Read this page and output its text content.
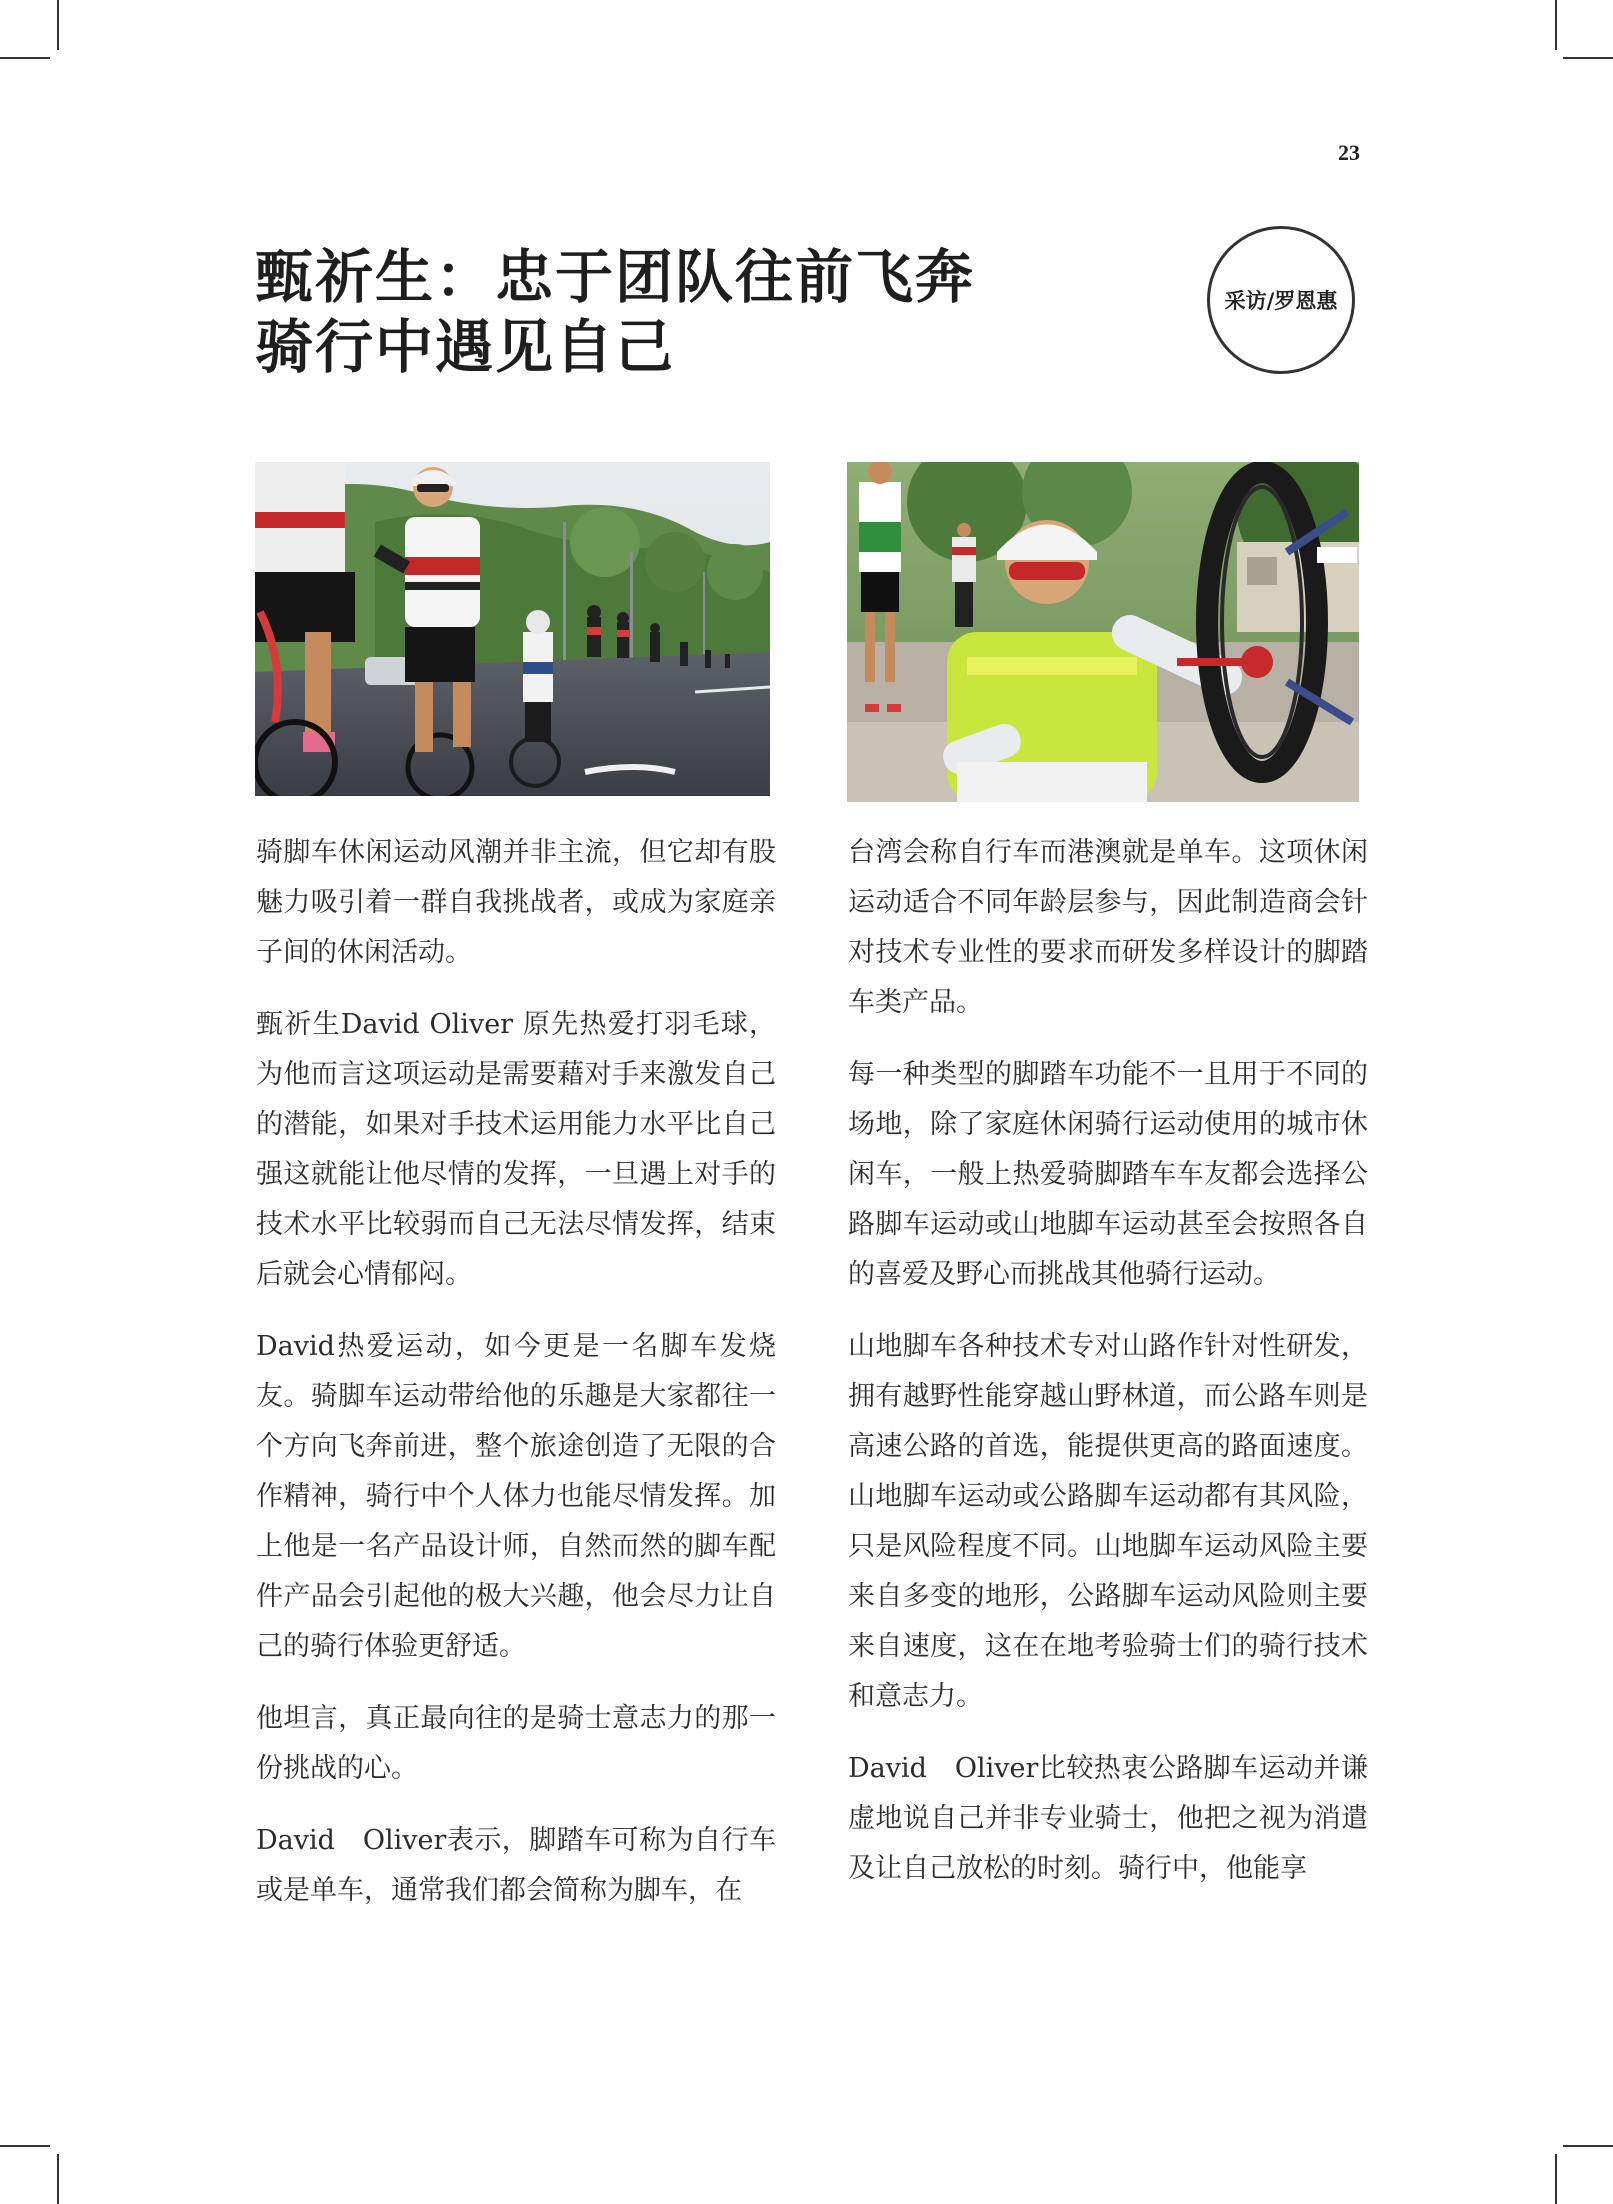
23
甄祈生：忠于团队往前飞奔
骑行中遇见自己
采访/罗恩惠

骑脚车休闲运动风潮并非主流，但它却有股魅力吸引着一群自我挑战者，或成为家庭亲子间的休闲活动。

甄祈生David Oliver 原先热爱打羽毛球，为他而言这项运动是需要藉对手来激发自己的潜能，如果对手技术运用能力水平比自己强这就能让他尽情的发挥，一旦遇上对手的技术水平比较弱而自己无法尽情发挥，结束后就会心情郁闷。

David热爱运动，如今更是一名脚车发烧友。骑脚车运动带给他的乐趣是大家都往一个方向飞奔前进，整个旅途创造了无限的合作精神，骑行中个人体力也能尽情发挥。加上他是一名产品设计师，自然而然的脚车配件产品会引起他的极大兴趣，他会尽力让自己的骑行体验更舒适。

他坦言，真正最向往的是骑士意志力的那一份挑战的心。

David　Oliver表示，脚踏车可称为自行车或是单车，通常我们都会简称为脚车，在

台湾会称自行车而港澳就是单车。这项休闲运动适合不同年龄层参与，因此制造商会针对技术专业性的要求而研发多样设计的脚踏车类产品。

每一种类型的脚踏车功能不一且用于不同的场地，除了家庭休闲骑行运动使用的城市休闲车，一般上热爱骑脚踏车车友都会选择公路脚车运动或山地脚车运动甚至会按照各自的喜爱及野心而挑战其他骑行运动。

山地脚车各种技术专对山路作针对性研发，拥有越野性能穿越山野林道，而公路车则是高速公路的首选，能提供更高的路面速度。山地脚车运动或公路脚车运动都有其风险，只是风险程度不同。山地脚车运动风险主要来自多变的地形，公路脚车运动风险则主要来自速度，这在在地考验骑士们的骑行技术和意志力。

David　Oliver比较热衷公路脚车运动并谦虚地说自己并非专业骑士，他把之视为消遣及让自己放松的时刻。骑行中，他能享
